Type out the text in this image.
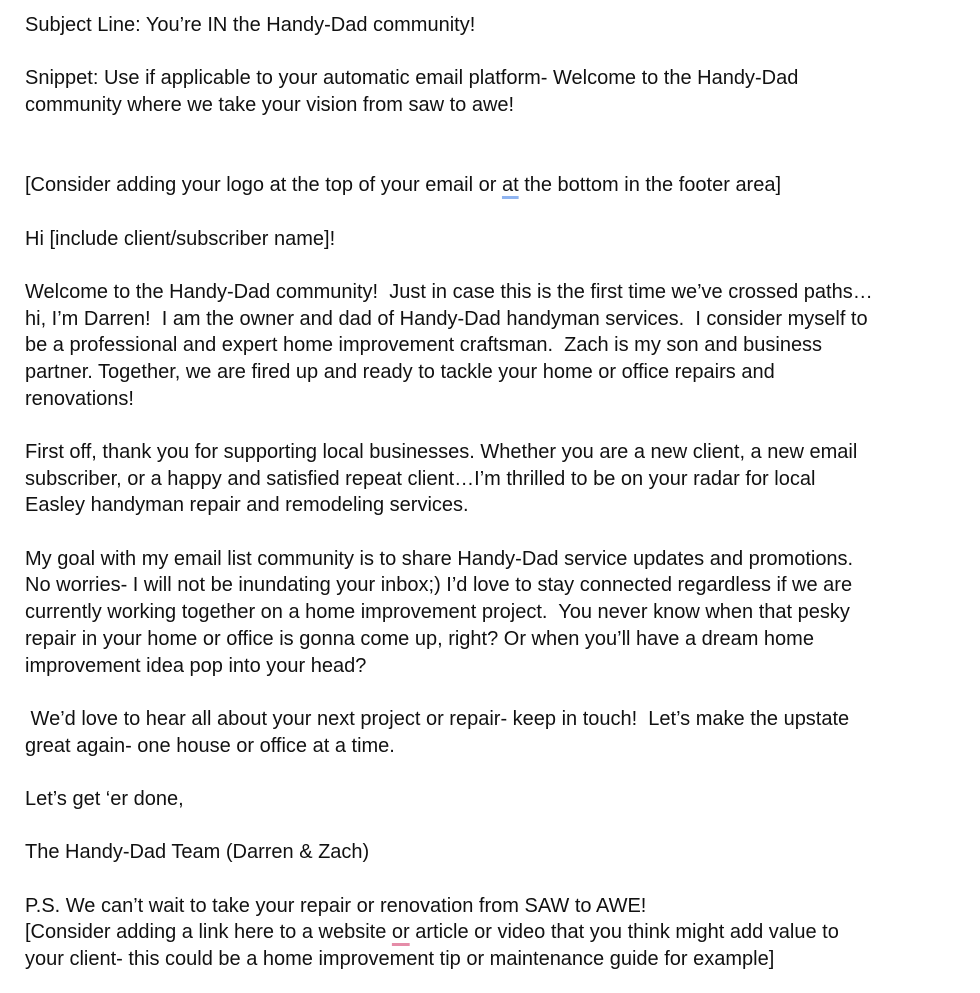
Subject Line: You’re IN the Handy-Dad community!
Snippet: Use if applicable to your automatic email platform- Welcome to the Handy-Dad
community where we take your vision from saw to awe!
[Consider adding your logo at the top of your email or at the bottom in the footer area]
Hi [include client/subscriber name]!
Welcome to the Handy-Dad community!  Just in case this is the first time we’ve crossed paths…
hi, I’m Darren!  I am the owner and dad of Handy-Dad handyman services.  I consider myself to
be a professional and expert home improvement craftsman.  Zach is my son and business
partner. Together, we are fired up and ready to tackle your home or office repairs and
renovations!
First off, thank you for supporting local businesses. Whether you are a new client, a new email
subscriber, or a happy and satisfied repeat client…I’m thrilled to be on your radar for local
Easley handyman repair and remodeling services.
My goal with my email list community is to share Handy-Dad service updates and promotions.
No worries- I will not be inundating your inbox;) I’d love to stay connected regardless if we are
currently working together on a home improvement project.  You never know when that pesky
repair in your home or office is gonna come up, right? Or when you’ll have a dream home
improvement idea pop into your head?
We’d love to hear all about your next project or repair- keep in touch!  Let’s make the upstate
great again- one house or office at a time.
Let’s get ‘er done,
The Handy-Dad Team (Darren & Zach)
P.S. We can’t wait to take your repair or renovation from SAW to AWE!
[Consider adding a link here to a website or article or video that you think might add value to
your client- this could be a home improvement tip or maintenance guide for example]
